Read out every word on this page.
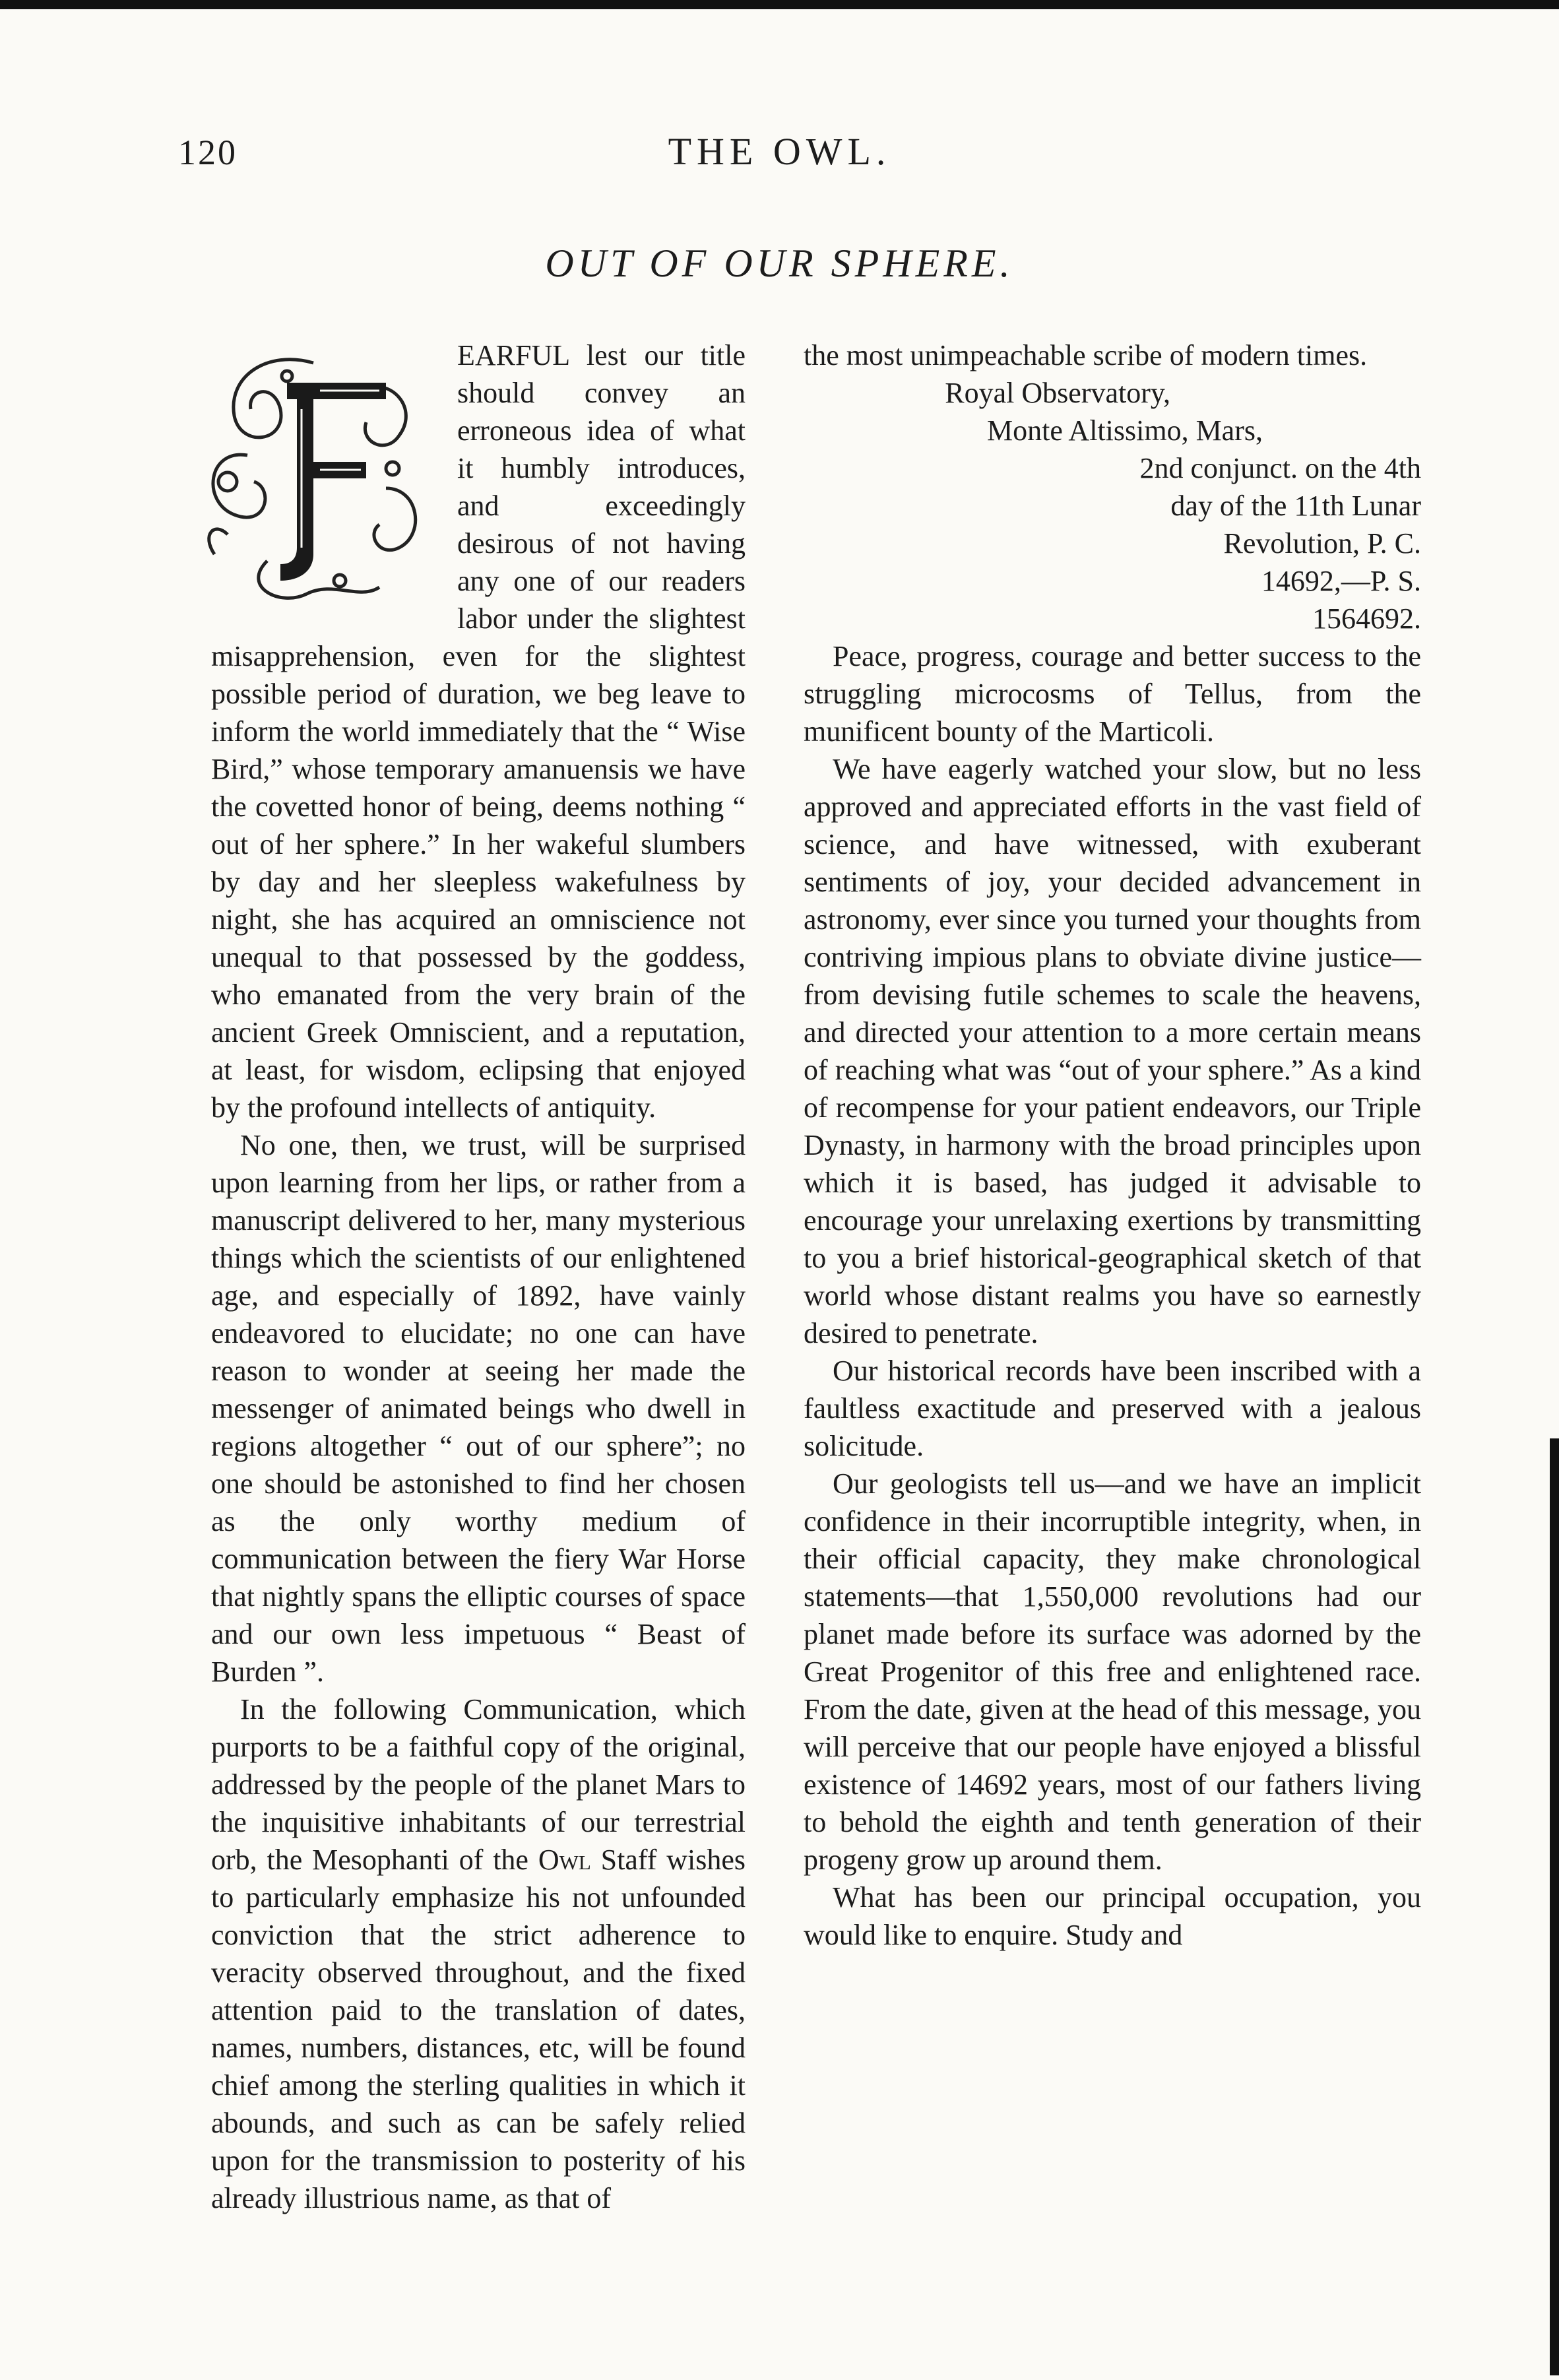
120	THE OWL.
OUT OF OUR SPHERE.
F

EARFUL lest our title should convey an erroneous idea of what it humbly introduces, and exceedingly desirous of not having any one of our readers labor under the slightest misapprehension, even for the slightest possible period of duration, we beg leave to inform the world immediately that the “ Wise Bird,” whose temporary amanuensis we have the covetted honor of being, deems nothing “ out of her sphere.” In her wakeful slumbers by day and her sleepless wakefulness by night, she has acquired an omniscience not unequal to that possessed by the goddess, who emanated from the very brain of the ancient Greek Omniscient, and a reputation, at least, for wisdom, eclipsing that enjoyed by the profound intellects of antiquity.

No one, then, we trust, will be surprised upon learning from her lips, or rather from a manuscript delivered to her, many mysterious things which the scientists of our enlightened age, and especially of 1892, have vainly endeavored to elucidate; no one can have reason to wonder at seeing her made the messenger of animated beings who dwell in regions altogether “ out of our sphere”; no one should be astonished to find her chosen as the only worthy medium of communication between the fiery War Horse that nightly spans the elliptic courses of space and our own less impetuous “ Beast of Burden ”.

In the following Communication, which purports to be a faithful copy of the original, addressed by the people of the planet Mars to the inquisitive inhabitants of our terrestrial orb, the Mesophanti of the Owl Staff wishes to particularly emphasize his not unfounded conviction that the strict adherence to veracity observed throughout, and the fixed attention paid to the translation of dates, names, numbers, distances, etc, will be found chief among the sterling qualities in which it abounds, and such as can be safely relied upon for the transmission to posterity of his already illustrious name, as that of

the most unimpeachable scribe of modern times.

Royal Observatory,

Monte Altissimo, Mars,

2nd conjunct. on the 4th

day of the 11th Lunar

Revolution, P. C.

14692,—P. S.

1564692.

Peace, progress, courage and better success to the struggling microcosms of Tellus, from the munificent bounty of the Marticoli.

We have eagerly watched your slow, but no less approved and appreciated efforts in the vast field of science, and have witnessed, with exuberant sentiments of joy, your decided advancement in astronomy, ever since you turned your thoughts from contriving impious plans to obviate divine justice—from devising futile schemes to scale the heavens, and directed your attention to a more certain means of reaching what was “out of your sphere.” As a kind of recompense for your patient endeavors, our Triple Dynasty, in harmony with the broad principles upon which it is based, has judged it advisable to encourage your unrelaxing exertions by transmitting to you a brief historical-geographical sketch of that world whose distant realms you have so earnestly desired to penetrate.

Our historical records have been inscribed with a faultless exactitude and preserved with a jealous solicitude.

Our geologists tell us—and we have an implicit confidence in their incorruptible integrity, when, in their official capacity, they make chronological statements—that 1,550,000 revolutions had our planet made before its surface was adorned by the Great Progenitor of this free and enlightened race. From the date, given at the head of this message, you will perceive that our people have enjoyed a blissful existence of 14692 years, most of our fathers living to behold the eighth and tenth generation of their progeny grow up around them.

What has been our principal occupation, you would like to enquire. Study and
